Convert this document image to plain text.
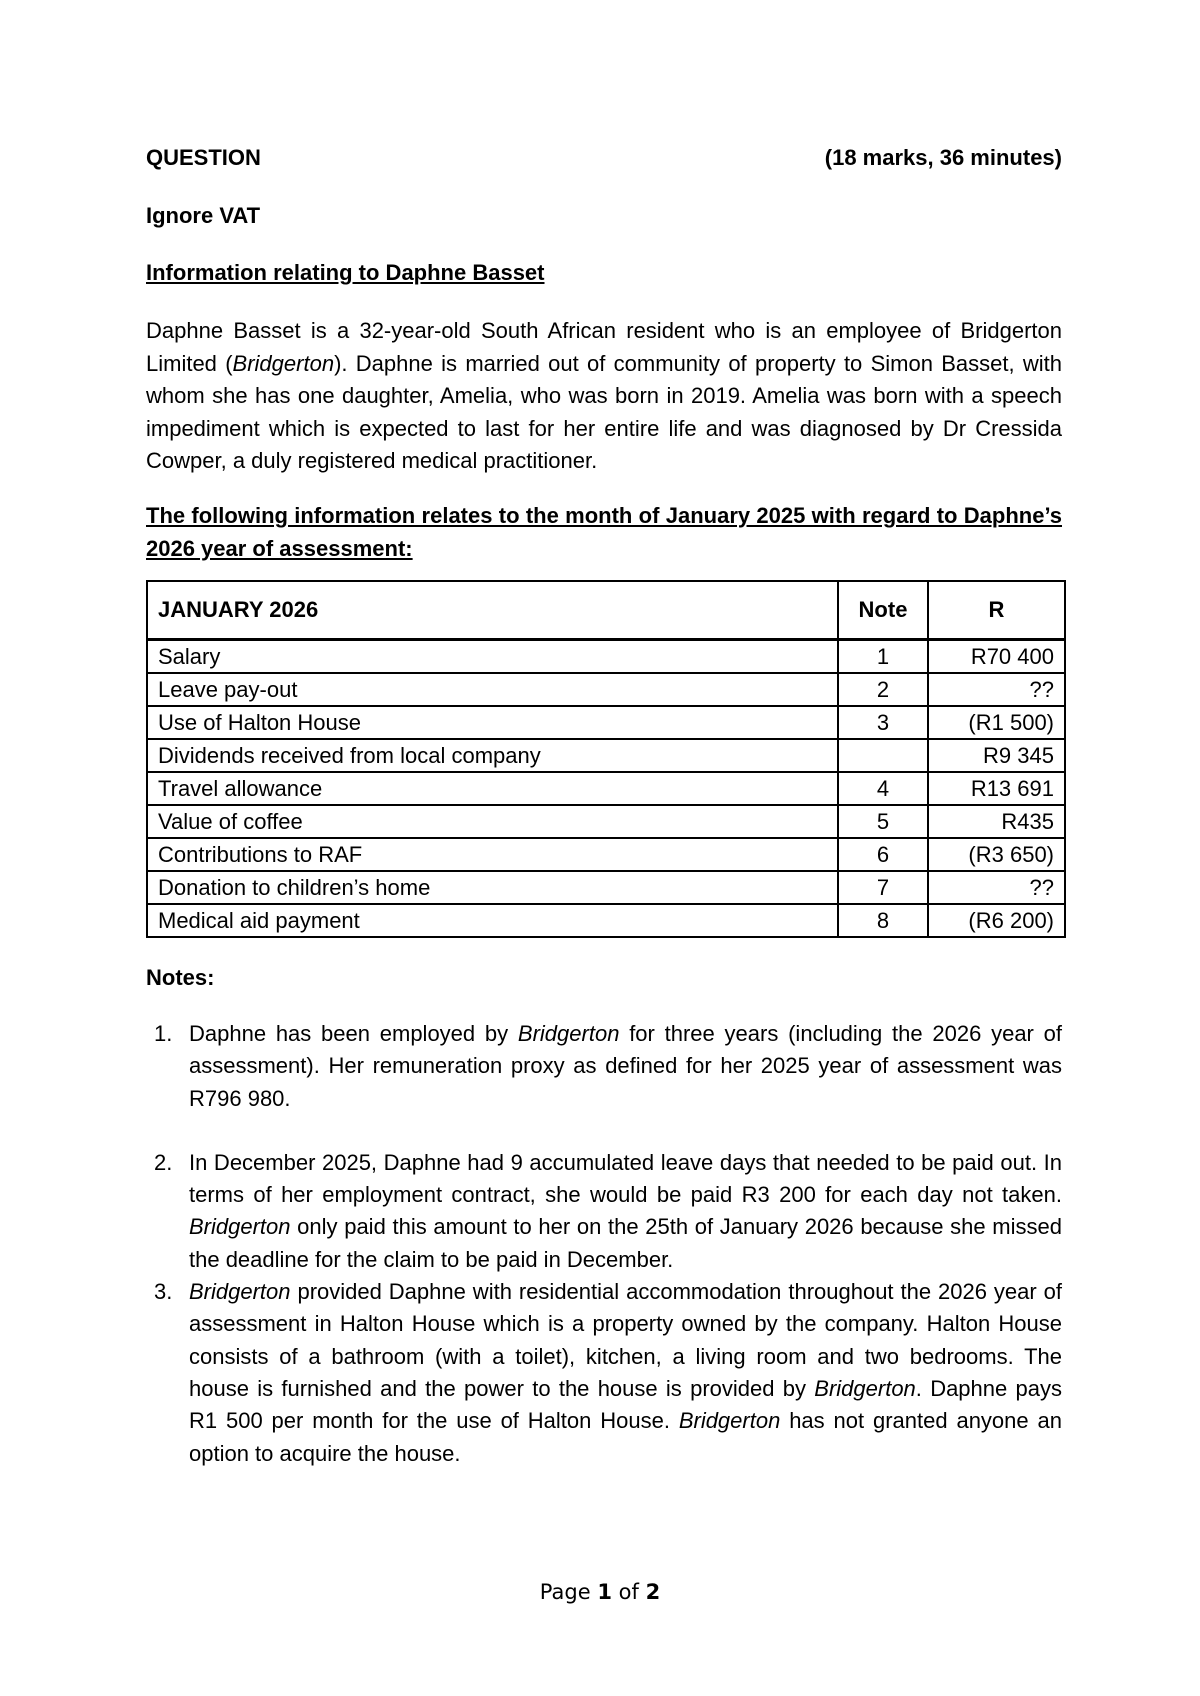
QUESTION	(18 marks, 36 minutes)
Ignore VAT
Information relating to Daphne Basset

Daphne Basset is a 32-year-old South African resident who is an employee of Bridgerton Limited (Bridgerton). Daphne is married out of community of property to Simon Basset, with whom she has one daughter, Amelia, who was born in 2019. Amelia was born with a speech impediment which is expected to last for her entire life and was diagnosed by Dr Cressida Cowper, a duly registered medical practitioner.

The following information relates to the month of January 2025 with regard to Daphne’s 2026 year of assessment:

JANUARY 2026	Note	R
Salary	1	R70 400
Leave pay-out	2	??
Use of Halton House	3	(R1 500)
Dividends received from local company		R9 345
Travel allowance	4	R13 691
Value of coffee	5	R435
Contributions to RAF	6	(R3 650)
Donation to children’s home	7	??
Medical aid payment	8	(R6 200)
Notes:
1. Daphne has been employed by Bridgerton for three years (including the 2026 year of assessment). Her remuneration proxy as defined for her 2025 year of assessment was R796 980.
2. In December 2025, Daphne had 9 accumulated leave days that needed to be paid out. In terms of her employment contract, she would be paid R3 200 for each day not taken. Bridgerton only paid this amount to her on the 25th of January 2026 because she missed the deadline for the claim to be paid in December.
3. Bridgerton provided Daphne with residential accommodation throughout the 2026 year of assessment in Halton House which is a property owned by the company. Halton House consists of a bathroom (with a toilet), kitchen, a living room and two bedrooms. The house is furnished and the power to the house is provided by Bridgerton. Daphne pays R1 500 per month for the use of Halton House. Bridgerton has not granted anyone an option to acquire the house.
Page 1 of 2
